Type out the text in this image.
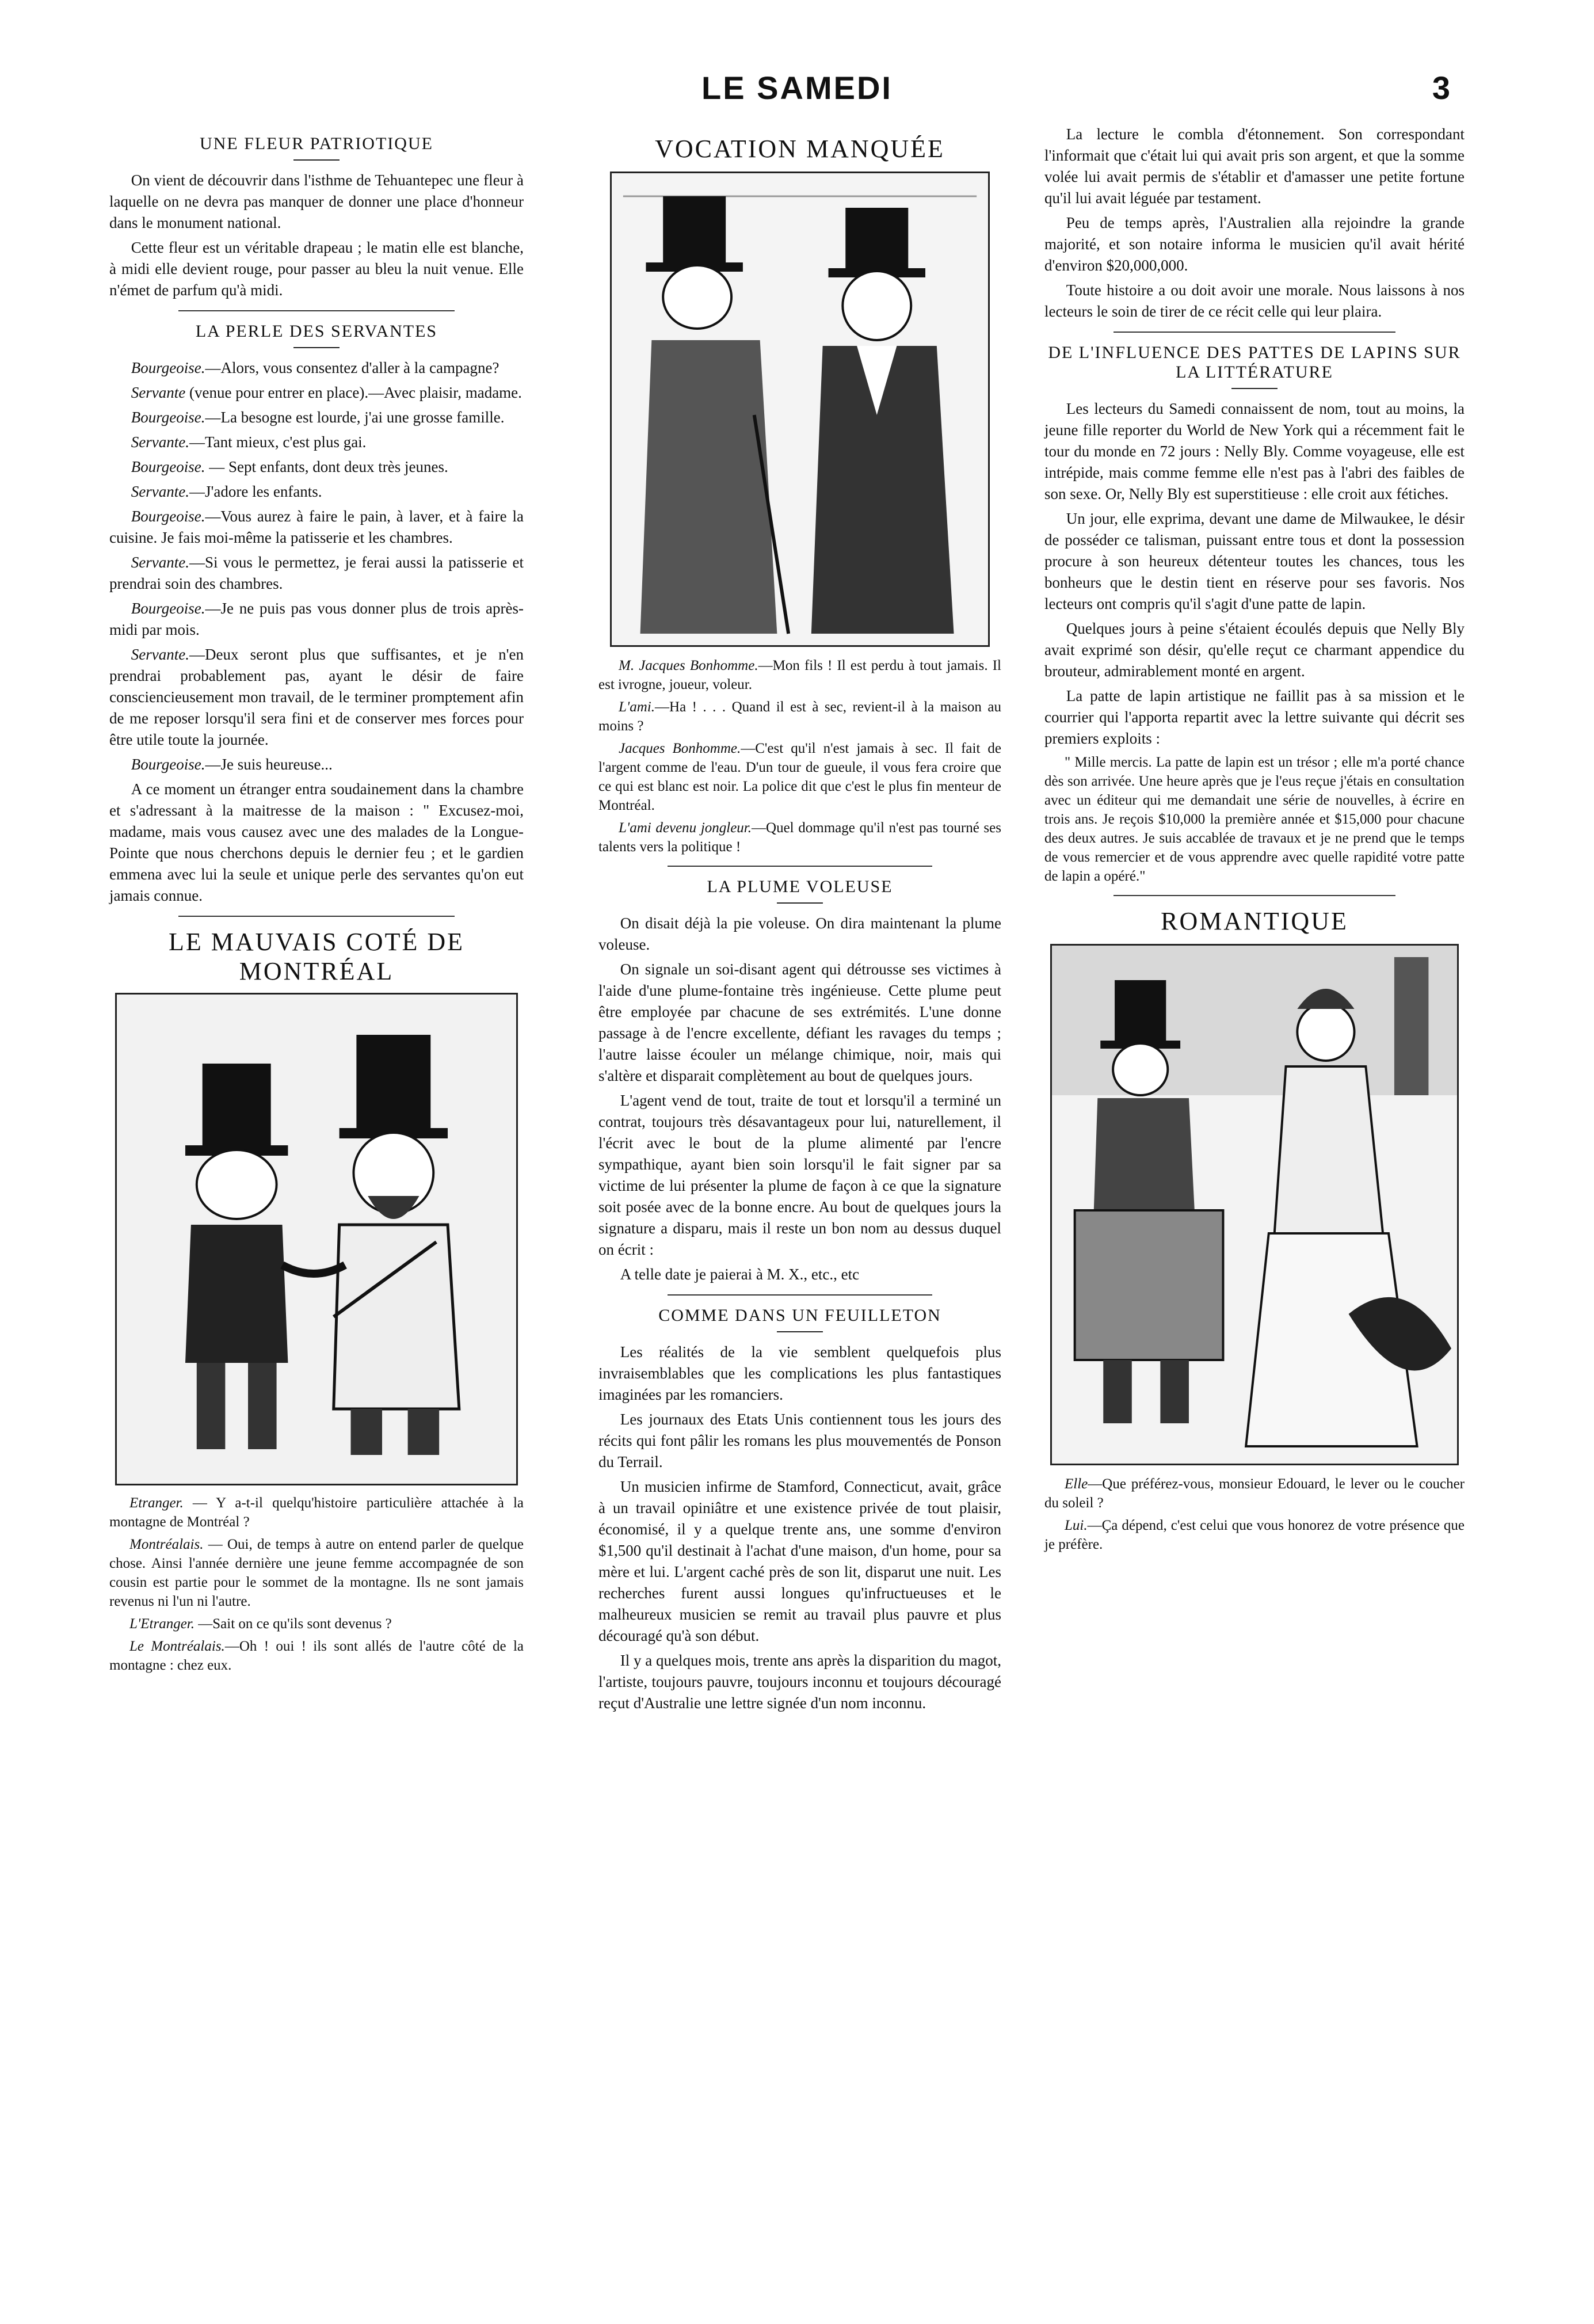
LE SAMEDI	3
UNE FLEUR PATRIOTIQUE

On vient de découvrir dans l'isthme de Tehuantepec une fleur à laquelle on ne devra pas manquer de donner une place d'honneur dans le monument national.

Cette fleur est un véritable drapeau ; le matin elle est blanche, à midi elle devient rouge, pour passer au bleu la nuit venue. Elle n'émet de parfum qu'à midi.

LA PERLE DES SERVANTES

Bourgeoise.—Alors, vous consentez d'aller à la campagne?

Servante (venue pour entrer en place).—Avec plaisir, madame.

Bourgeoise.—La besogne est lourde, j'ai une grosse famille.

Servante.—Tant mieux, c'est plus gai.

Bourgeoise. — Sept enfants, dont deux très jeunes.

Servante.—J'adore les enfants.

Bourgeoise.—Vous aurez à faire le pain, à laver, et à faire la cuisine. Je fais moi-même la patisserie et les chambres.

Servante.—Si vous le permettez, je ferai aussi la patisserie et prendrai soin des chambres.

Bourgeoise.—Je ne puis pas vous donner plus de trois après-midi par mois.

Servante.—Deux seront plus que suffisantes, et je n'en prendrai probablement pas, ayant le désir de faire consciencieusement mon travail, de le terminer promptement afin de me reposer lorsqu'il sera fini et de conserver mes forces pour être utile toute la journée.

Bourgeoise.—Je suis heureuse...

A ce moment un étranger entra soudainement dans la chambre et s'adressant à la maitresse de la maison : " Excusez-moi, madame, mais vous causez avec une des malades de la Longue-Pointe que nous cherchons depuis le dernier feu ; et le gardien emmena avec lui la seule et unique perle des servantes qu'on eut jamais connue.

LE MAUVAIS COTÉ DE MONTRÉAL

Etranger. — Y a-t-il quelqu'histoire particulière attachée à la montagne de Montréal ?

Montréalais. — Oui, de temps à autre on entend parler de quelque chose. Ainsi l'année dernière une jeune femme accompagnée de son cousin est partie pour le sommet de la montagne. Ils ne sont jamais revenus ni l'un ni l'autre.

L'Etranger. —Sait on ce qu'ils sont devenus ?

Le Montréalais.—Oh ! oui ! ils sont allés de l'autre côté de la montagne : chez eux.

VOCATION MANQUÉE

M. Jacques Bonhomme.—Mon fils ! Il est perdu à tout jamais. Il est ivrogne, joueur, voleur.

L'ami.—Ha ! . . . Quand il est à sec, revient-il à la maison au moins ?

Jacques Bonhomme.—C'est qu'il n'est jamais à sec. Il fait de l'argent comme de l'eau. D'un tour de gueule, il vous fera croire que ce qui est blanc est noir. La police dit que c'est le plus fin menteur de Montréal.

L'ami devenu jongleur.—Quel dommage qu'il n'est pas tourné ses talents vers la politique !

LA PLUME VOLEUSE

On disait déjà la pie voleuse. On dira maintenant la plume voleuse.

On signale un soi-disant agent qui détrousse ses victimes à l'aide d'une plume-fontaine très ingénieuse. Cette plume peut être employée par chacune de ses extrémités. L'une donne passage à de l'encre excellente, défiant les ravages du temps ; l'autre laisse écouler un mélange chimique, noir, mais qui s'altère et disparait complètement au bout de quelques jours.

L'agent vend de tout, traite de tout et lorsqu'il a terminé un contrat, toujours très désavantageux pour lui, naturellement, il l'écrit avec le bout de la plume alimenté par l'encre sympathique, ayant bien soin lorsqu'il le fait signer par sa victime de lui présenter la plume de façon à ce que la signature soit posée avec de la bonne encre. Au bout de quelques jours la signature a disparu, mais il reste un bon nom au dessus duquel on écrit :

A telle date je paierai à M. X., etc., etc

COMME DANS UN FEUILLETON

Les réalités de la vie semblent quelquefois plus invraisemblables que les complications les plus fantastiques imaginées par les romanciers.

Les journaux des Etats Unis contiennent tous les jours des récits qui font pâlir les romans les plus mouvementés de Ponson du Terrail.

Un musicien infirme de Stamford, Connecticut, avait, grâce à un travail opiniâtre et une existence privée de tout plaisir, économisé, il y a quelque trente ans, une somme d'environ $1,500 qu'il destinait à l'achat d'une maison, d'un home, pour sa mère et lui. L'argent caché près de son lit, disparut une nuit. Les recherches furent aussi longues qu'infructueuses et le malheureux musicien se remit au travail plus pauvre et plus découragé qu'à son début.

Il y a quelques mois, trente ans après la disparition du magot, l'artiste, toujours pauvre, toujours inconnu et toujours découragé reçut d'Australie une lettre signée d'un nom inconnu.

La lecture le combla d'étonnement. Son correspondant l'informait que c'était lui qui avait pris son argent, et que la somme volée lui avait permis de s'établir et d'amasser une petite fortune qu'il lui avait léguée par testament.

Peu de temps après, l'Australien alla rejoindre la grande majorité, et son notaire informa le musicien qu'il avait hérité d'environ $20,000,000.

Toute histoire a ou doit avoir une morale. Nous laissons à nos lecteurs le soin de tirer de ce récit celle qui leur plaira.

DE L'INFLUENCE DES PATTES DE LAPINS SUR LA LITTÉRATURE

Les lecteurs du Samedi connaissent de nom, tout au moins, la jeune fille reporter du World de New York qui a récemment fait le tour du monde en 72 jours : Nelly Bly. Comme voyageuse, elle est intrépide, mais comme femme elle n'est pas à l'abri des faibles de son sexe. Or, Nelly Bly est superstitieuse : elle croit aux fétiches.

Un jour, elle exprima, devant une dame de Milwaukee, le désir de posséder ce talisman, puissant entre tous et dont la possession procure à son heureux détenteur toutes les chances, tous les bonheurs que le destin tient en réserve pour ses favoris. Nos lecteurs ont compris qu'il s'agit d'une patte de lapin.

Quelques jours à peine s'étaient écoulés depuis que Nelly Bly avait exprimé son désir, qu'elle reçut ce charmant appendice du brouteur, admirablement monté en argent.

La patte de lapin artistique ne faillit pas à sa mission et le courrier qui l'apporta repartit avec la lettre suivante qui décrit ses premiers exploits :

" Mille mercis. La patte de lapin est un trésor ; elle m'a porté chance dès son arrivée. Une heure après que je l'eus reçue j'étais en consultation avec un éditeur qui me demandait une série de nouvelles, à écrire en trois ans. Je reçois $10,000 la première année et $15,000 pour chacune des deux autres. Je suis accablée de travaux et je ne prend que le temps de vous remercier et de vous apprendre avec quelle rapidité votre patte de lapin a opéré."

ROMANTIQUE

Elle—Que préférez-vous, monsieur Edouard, le lever ou le coucher du soleil ?

Lui.—Ça dépend, c'est celui que vous honorez de votre présence que je préfère.
